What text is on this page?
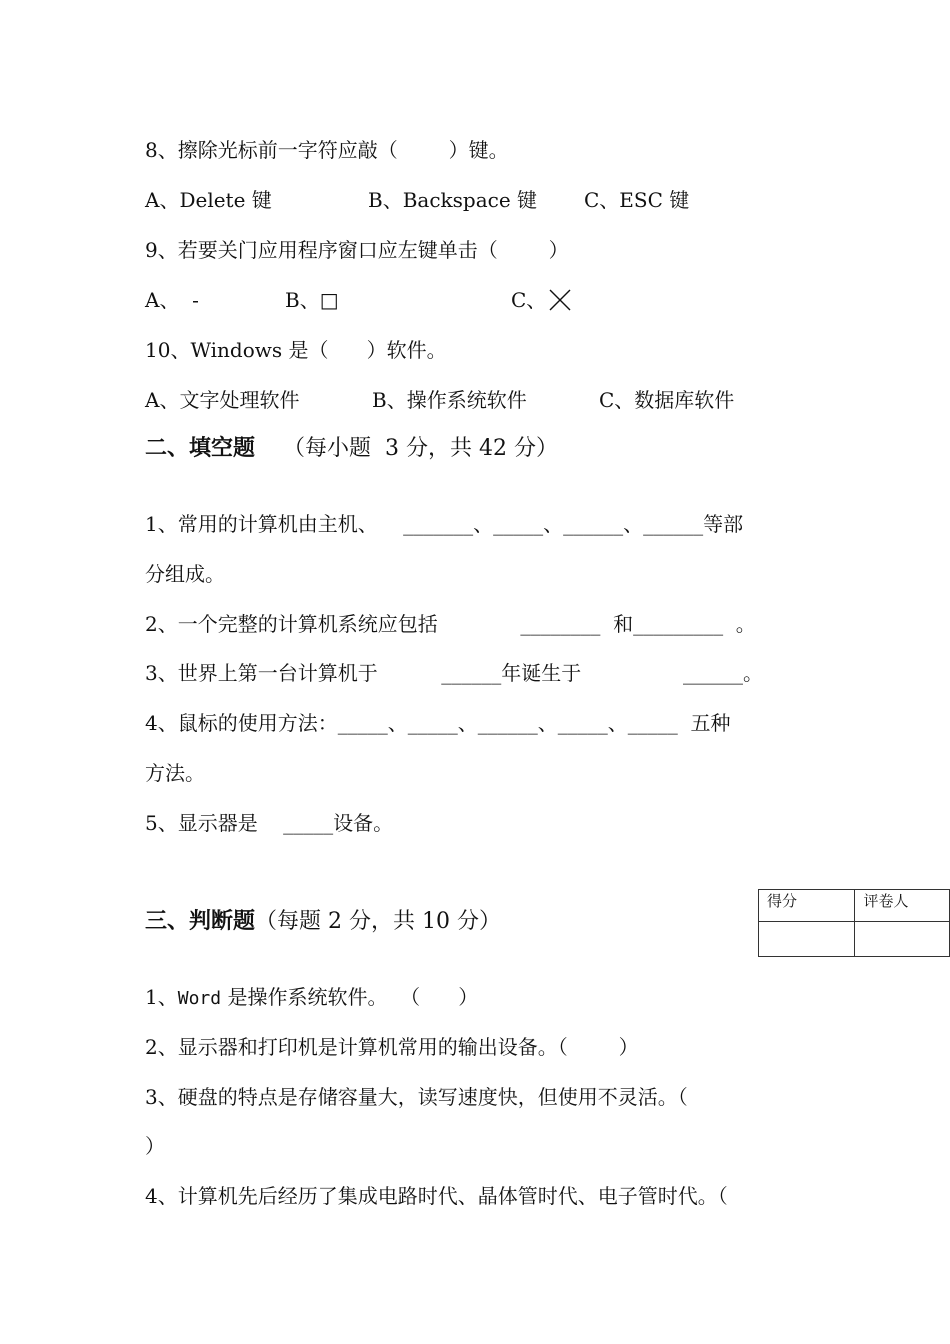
8、擦除光标前一字符应敲（        ）键。
A、Delete 键	B、Backspace 键 C、ESC 键
9、若要关门应用程序窗口应左键单击（        ）
A、  -	B、□	C、
10、Windows 是（      ）软件。
A、文字处理软件	B、操作系统软件	C、数据库软件
二、填空题 （每小题  3 分，共 42 分）
1、常用的计算机由主机、    _______、_____、______、______等部
分组成。
2、一个完整的计算机系统应包括             ________  和_________  。
3、世界上第一台计算机于          ______年诞生于                ______。
4、鼠标的使用方法：_____、_____、______、_____、_____  五种
方法。
5、显示器是    _____设备。
三、判断题（每题 2 分，共 10 分）
得分	评卷人

1、Word 是操作系统软件。  （      ）
2、显示器和打印机是计算机常用的输出设备。（        ）
3、硬盘的特点是存储容量大，读写速度快，但使用不灵活。（
）
4、计算机先后经历了集成电路时代、晶体管时代、电子管时代。（
